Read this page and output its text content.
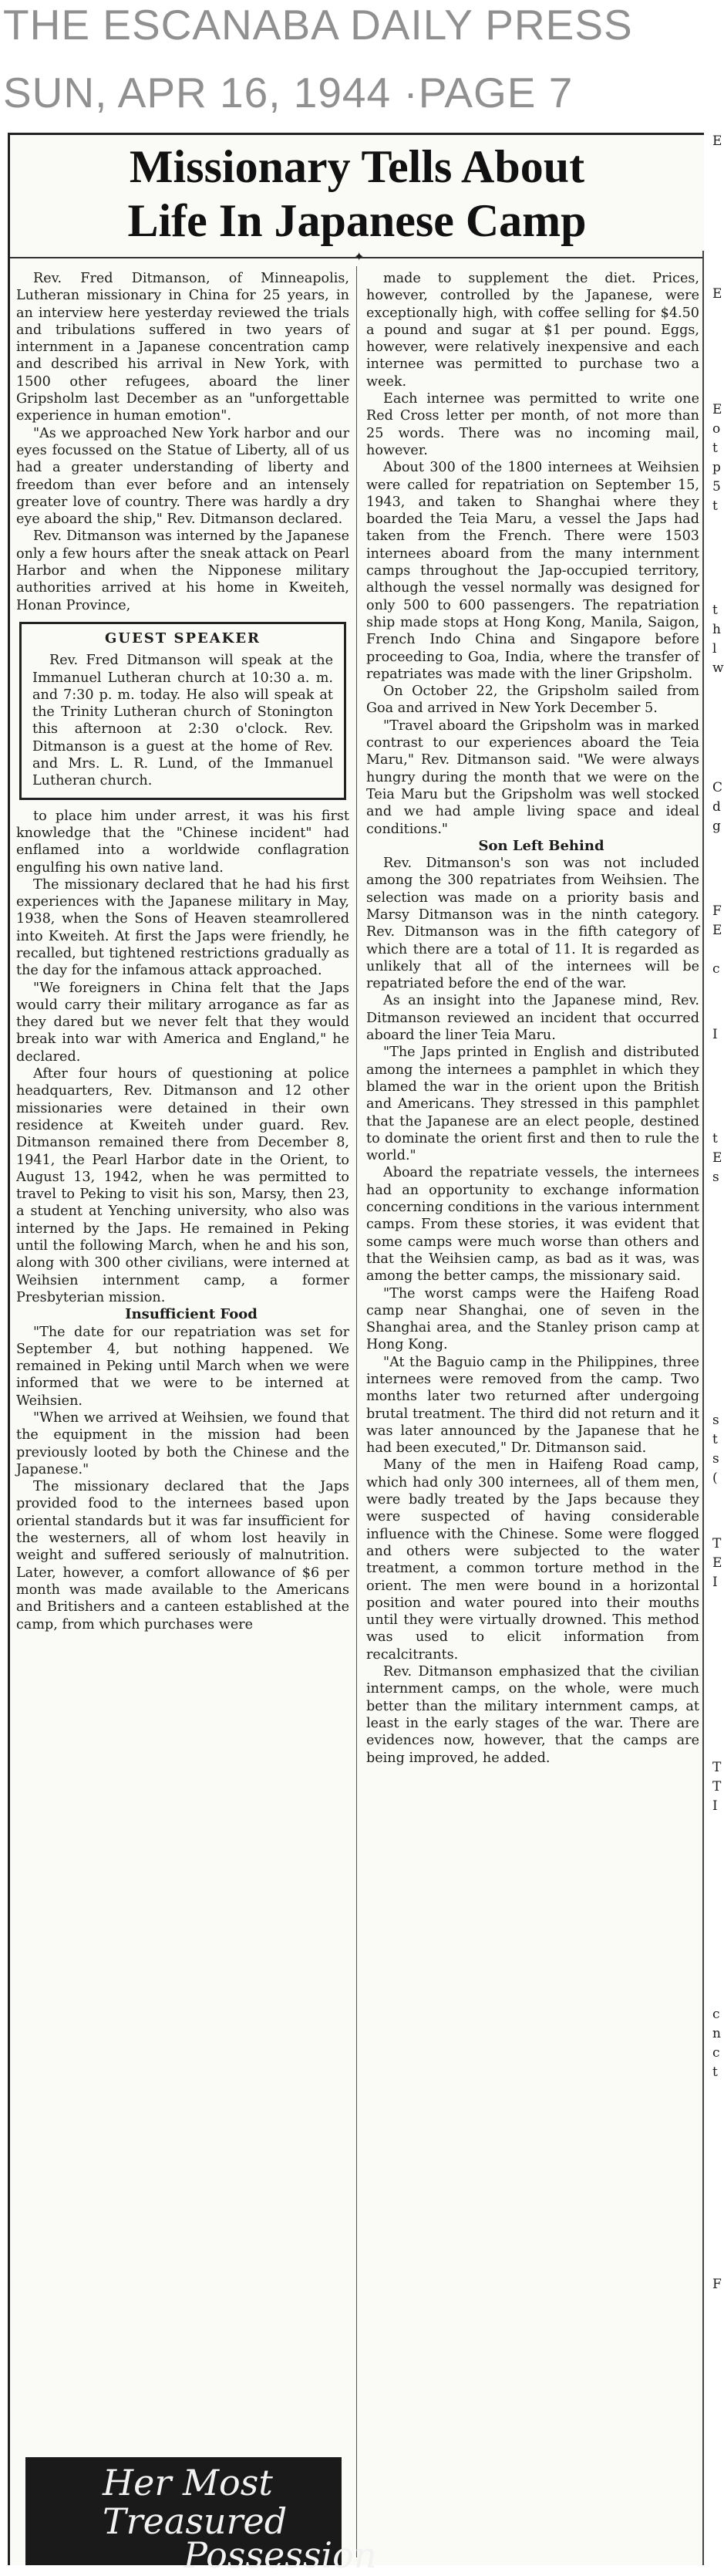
THE ESCANABA DAILY PRESS
SUN, APR 16, 1944 ·PAGE 7
Missionary Tells About
Life In Japanese Camp
✦

Rev. Fred Ditmanson, of Minneapolis, Lutheran missionary in China for 25 years, in an interview here yesterday reviewed the trials and tribulations suffered in two years of internment in a Japanese concentration camp and described his arrival in New York, with 1500 other refugees, aboard the liner Gripsholm last December as an "unforgettable experience in human emotion".

"As we approached New York harbor and our eyes focussed on the Statue of Liberty, all of us had a greater understanding of liberty and freedom than ever before and an intensely greater love of country. There was hardly a dry eye aboard the ship," Rev. Ditmanson declared.

Rev. Ditmanson was interned by the Japanese only a few hours after the sneak attack on Pearl Harbor and when the Nipponese military authorities arrived at his home in Kweiteh, Honan Province,

GUEST SPEAKER

Rev. Fred Ditmanson will speak at the Immanuel Lutheran church at 10:30 a. m. and 7:30 p. m. today. He also will speak at the Trinity Lutheran church of Stonington this afternoon at 2:30 o'clock. Rev. Ditmanson is a guest at the home of Rev. and Mrs. L. R. Lund, of the Immanuel Lutheran church.

to place him under arrest, it was his first knowledge that the "Chinese incident" had enflamed into a worldwide conflagration engulfing his own native land.

The missionary declared that he had his first experiences with the Japanese military in May, 1938, when the Sons of Heaven steamrollered into Kweiteh. At first the Japs were friendly, he recalled, but tightened restrictions gradually as the day for the infamous attack approached.

"We foreigners in China felt that the Japs would carry their military arrogance as far as they dared but we never felt that they would break into war with America and England," he declared.

After four hours of questioning at police headquarters, Rev. Ditmanson and 12 other missionaries were detained in their own residence at Kweiteh under guard. Rev. Ditmanson remained there from December 8, 1941, the Pearl Harbor date in the Orient, to August 13, 1942, when he was permitted to travel to Peking to visit his son, Marsy, then 23, a student at Yenching university, who also was interned by the Japs. He remained in Peking until the following March, when he and his son, along with 300 other civilians, were interned at Weihsien internment camp, a former Presbyterian mission.

Insufficient Food

"The date for our repatriation was set for September 4, but nothing happened. We remained in Peking until March when we were informed that we were to be interned at Weihsien.

"When we arrived at Weihsien, we found that the equipment in the mission had been previously looted by both the Chinese and the Japanese."

The missionary declared that the Japs provided food to the internees based upon oriental standards but it was far insufficient for the westerners, all of whom lost heavily in weight and suffered seriously of malnutrition. Later, however, a comfort allowance of $6 per month was made available to the Americans and Britishers and a canteen established at the camp, from which purchases were

made to supplement the diet. Prices, however, controlled by the Japanese, were exceptionally high, with coffee selling for $4.50 a pound and sugar at $1 per pound. Eggs, however, were relatively inexpensive and each internee was permitted to purchase two a week.

Each internee was permitted to write one Red Cross letter per month, of not more than 25 words. There was no incoming mail, however.

About 300 of the 1800 internees at Weihsien were called for repatriation on September 15, 1943, and taken to Shanghai where they boarded the Teia Maru, a vessel the Japs had taken from the French. There were 1503 internees aboard from the many internment camps throughout the Jap-occupied territory, although the vessel normally was designed for only 500 to 600 passengers. The repatriation ship made stops at Hong Kong, Manila, Saigon, French Indo China and Singapore before proceeding to Goa, India, where the transfer of repatriates was made with the liner Gripsholm.

On October 22, the Gripsholm sailed from Goa and arrived in New York December 5.

"Travel aboard the Gripsholm was in marked contrast to our experiences aboard the Teia Maru," Rev. Ditmanson said. "We were always hungry during the month that we were on the Teia Maru but the Gripsholm was well stocked and we had ample living space and ideal conditions."

Son Left Behind

Rev. Ditmanson's son was not included among the 300 repatriates from Weihsien. The selection was made on a priority basis and Marsy Ditmanson was in the ninth category. Rev. Ditmanson was in the fifth category of which there are a total of 11. It is regarded as unlikely that all of the internees will be repatriated before the end of the war.

As an insight into the Japanese mind, Rev. Ditmanson reviewed an incident that occurred aboard the liner Teia Maru.

"The Japs printed in English and distributed among the internees a pamphlet in which they blamed the war in the orient upon the British and Americans. They stressed in this pamphlet that the Japanese are an elect people, destined to dominate the orient first and then to rule the world."

Aboard the repatriate vessels, the internees had an opportunity to exchange information concerning conditions in the various internment camps. From these stories, it was evident that some camps were much worse than others and that the Weihsien camp, as bad as it was, was among the better camps, the missionary said.

"The worst camps were the Haifeng Road camp near Shanghai, one of seven in the Shanghai area, and the Stanley prison camp at Hong Kong.

"At the Baguio camp in the Philippines, three internees were removed from the camp. Two months later two returned after undergoing brutal treatment. The third did not return and it was later announced by the Japanese that he had been executed," Dr. Ditmanson said.

Many of the men in Haifeng Road camp, which had only 300 internees, all of them men, were badly treated by the Japs because they were suspected of having considerable influence with the Chinese. Some were flogged and others were subjected to the water treatment, a common torture method in the orient. The men were bound in a horizontal position and water poured into their mouths until they were virtually drowned. This method was used to elicit information from recalcitrants.

Rev. Ditmanson emphasized that the civilian internment camps, on the whole, were much better than the military internment camps, at least in the early stages of the war. There are evidences now, however, that the camps are being improved, he added.

Her Most
Treasured
Possession
E
E
E
o
t
p
5
t
t
h
l
w
C
d
g
F
E
c
I
t
E
s
s
t
s
(
T
E
I
T
T
I
c
n
c
t
F
